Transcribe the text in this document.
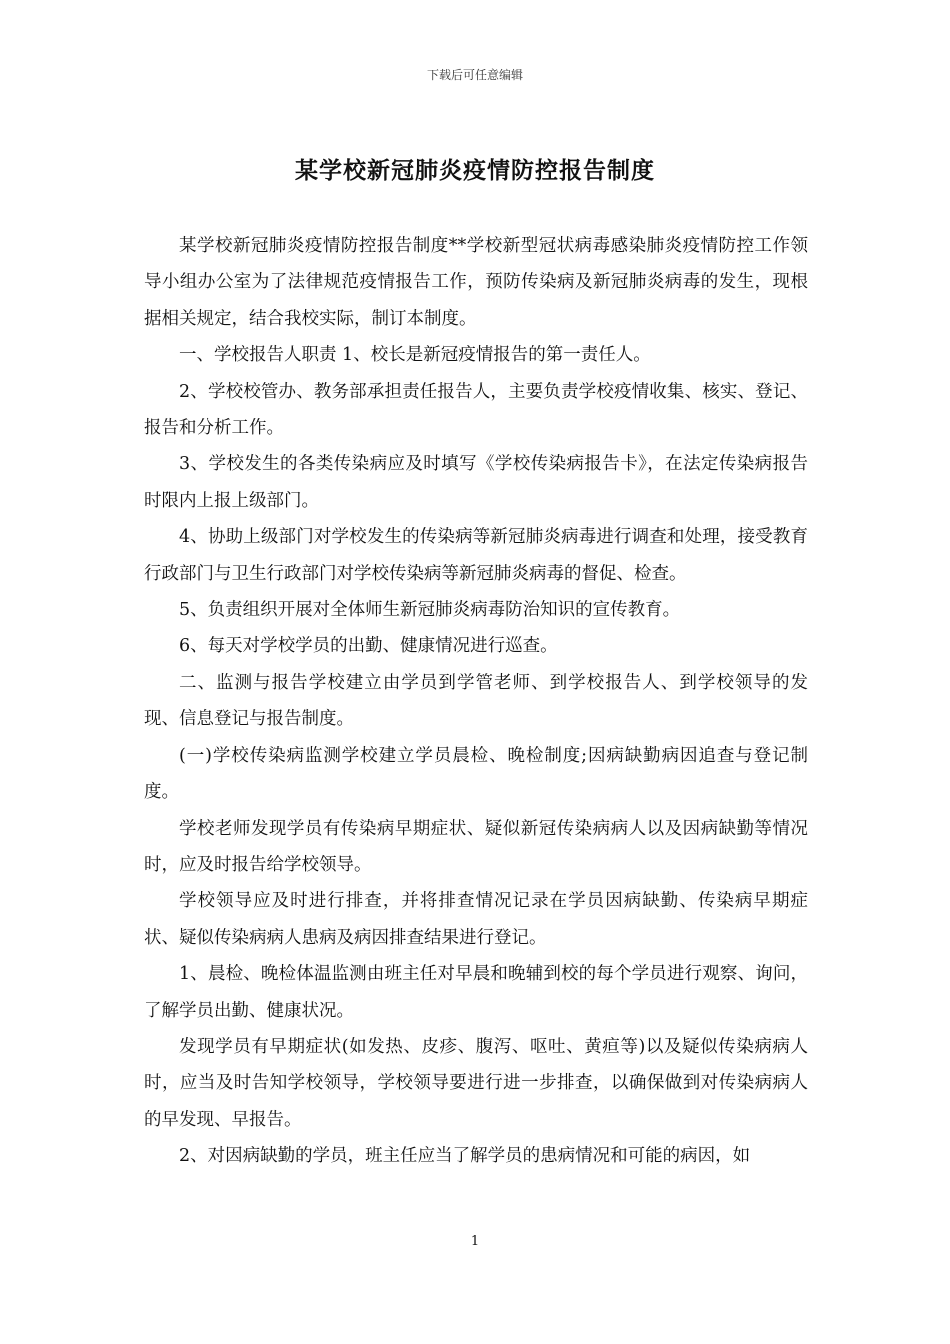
下载后可任意编辑
某学校新冠肺炎疫情防控报告制度

某学校新冠肺炎疫情防控报告制度**学校新型冠状病毒感染肺炎疫情防控工作领导小组办公室为了法律规范疫情报告工作，预防传染病及新冠肺炎病毒的发生，现根据相关规定，结合我校实际，制订本制度。

一、学校报告人职责 1、校长是新冠疫情报告的第一责任人。

2、学校校管办、教务部承担责任报告人，主要负责学校疫情收集、核实、登记、报告和分析工作。

3、学校发生的各类传染病应及时填写《学校传染病报告卡》，在法定传染病报告时限内上报上级部门。

4、协助上级部门对学校发生的传染病等新冠肺炎病毒进行调查和处理，接受教育行政部门与卫生行政部门对学校传染病等新冠肺炎病毒的督促、检查。

5、负责组织开展对全体师生新冠肺炎病毒防治知识的宣传教育。

6、每天对学校学员的出勤、健康情况进行巡查。

二、监测与报告学校建立由学员到学管老师、到学校报告人、到学校领导的发现、信息登记与报告制度。

(一)学校传染病监测学校建立学员晨检、晚检制度;因病缺勤病因追查与登记制度。

学校老师发现学员有传染病早期症状、疑似新冠传染病病人以及因病缺勤等情况时，应及时报告给学校领导。

学校领导应及时进行排查，并将排查情况记录在学员因病缺勤、传染病早期症状、疑似传染病病人患病及病因排查结果进行登记。

1、晨检、晚检体温监测由班主任对早晨和晚辅到校的每个学员进行观察、询问，了解学员出勤、健康状况。

发现学员有早期症状(如发热、皮疹、腹泻、呕吐、黄疸等)以及疑似传染病病人时，应当及时告知学校领导，学校领导要进行进一步排查，以确保做到对传染病病人的早发现、早报告。

2、对因病缺勤的学员，班主任应当了解学员的患病情况和可能的病因，如

1
